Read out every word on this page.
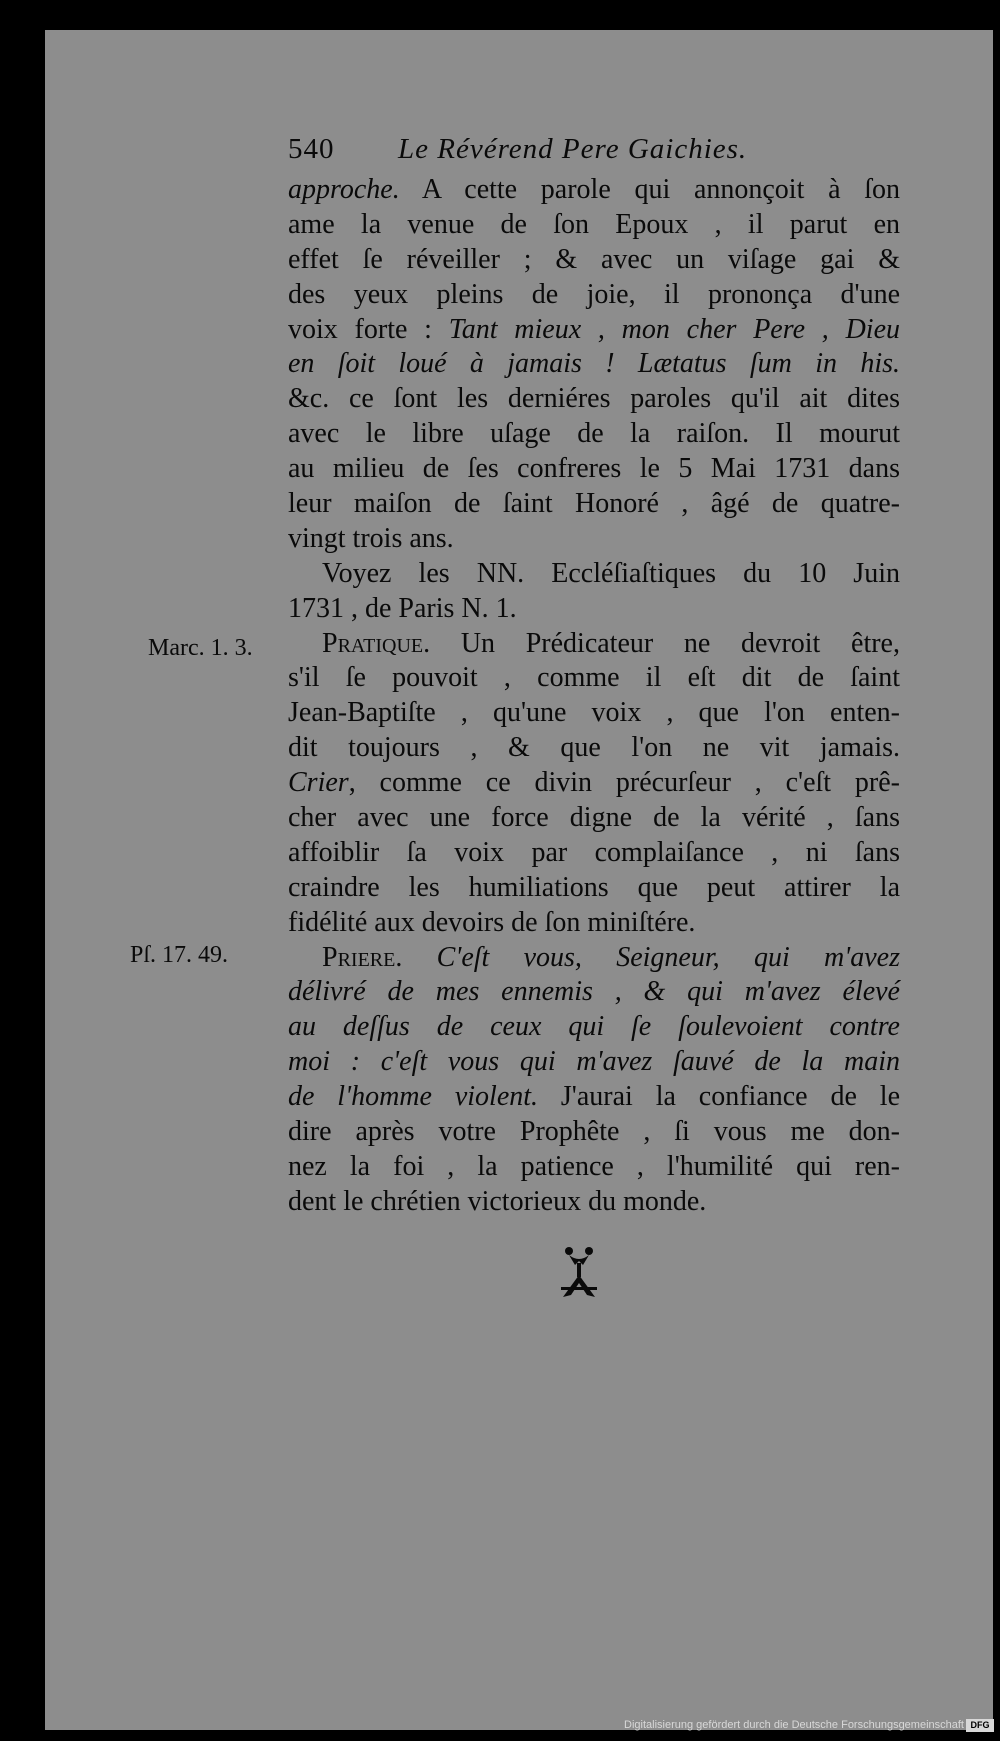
540 Le Révérend Pere Gaichies.
approche. A cette parole qui annonçoit à ſon
ame la venue de ſon Epoux , il parut en
effet ſe réveiller ; & avec un viſage gai &
des yeux pleins de joie, il prononça d'une
voix forte : Tant mieux , mon cher Pere , Dieu
en ſoit loué à jamais ! Lætatus ſum in his.
&c. ce ſont les derniéres paroles qu'il ait dites
avec le libre uſage de la raiſon. Il mourut
au milieu de ſes confreres le 5 Mai 1731 dans
leur maiſon de ſaint Honoré , âgé de quatre-
vingt trois ans.
Voyez les NN. Eccléſiaſtiques du 10 Juin
1731 , de Paris N. 1.
Pratique. Un Prédicateur ne devroit être,
s'il ſe pouvoit , comme il eſt dit de ſaint
Jean-Baptiſte , qu'une voix , que l'on enten-
dit toujours , & que l'on ne vit jamais.
Crier, comme ce divin précurſeur , c'eſt prê-
cher avec une force digne de la vérité , ſans
affoiblir ſa voix par complaiſance , ni ſans
craindre les humiliations que peut attirer la
fidélité aux devoirs de ſon miniſtére.
Priere. C'eſt vous, Seigneur, qui m'avez
délivré de mes ennemis , & qui m'avez élevé
au deſſus de ceux qui ſe ſoulevoient contre
moi : c'eſt vous qui m'avez ſauvé de la main
de l'homme violent. J'aurai la confiance de le
dire après votre Prophête , ſi vous me don-
nez la foi , la patience , l'humilité qui ren-
dent le chrétien victorieux du monde.
Marc. 1. 3.
Pſ. 17. 49.
Digitalisierung gefördert durch die Deutsche Forschungsgemeinschaft DFG
